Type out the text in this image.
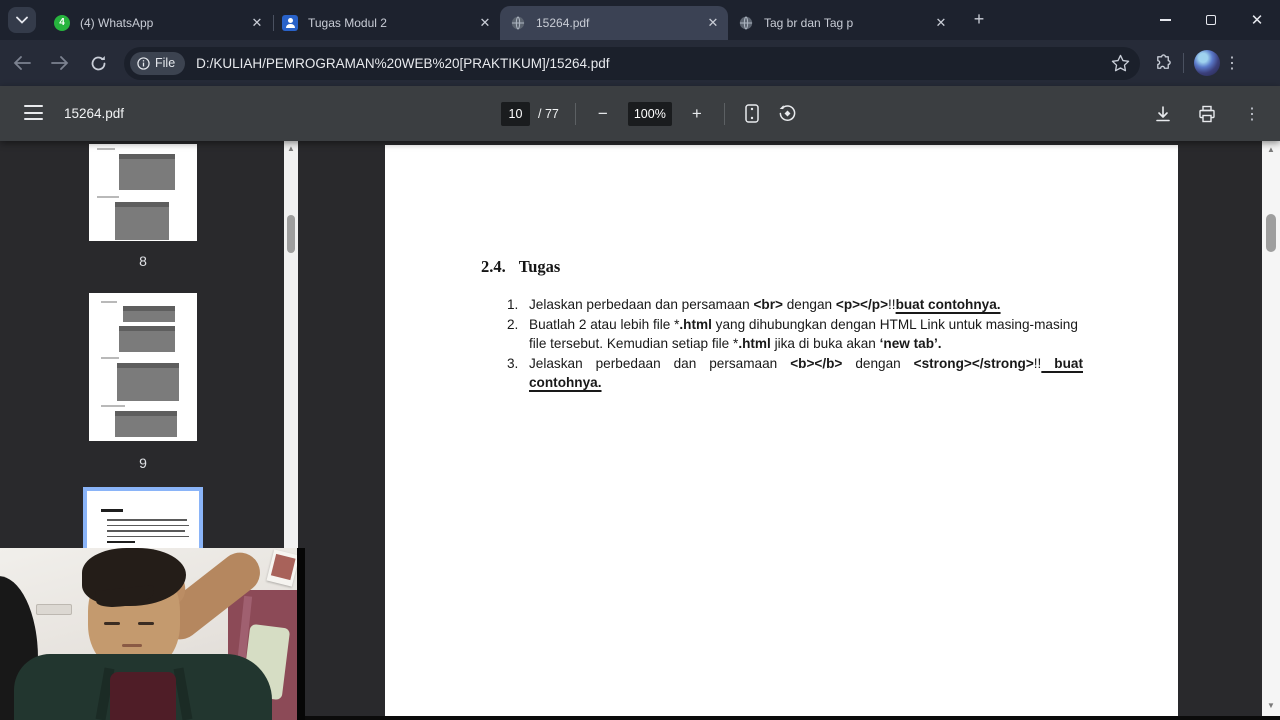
4	(4) WhatsApp	✕	Tugas Modul 2	✕	15264.pdf	✕	Tag br dan Tag p	✕	+	✕
File D:/KULIAH/PEMROGRAMAN%20WEB%20[PRAKTIKUM]/15264.pdf	⋮
15264.pdf	10	/ 77	−	100%	+	⋮
8
9
▲
2.4. Tugas
1. Jelaskan perbedaan dan persamaan <br> dengan <p></p>!!buat contohnya.
2. Buatlah 2 atau lebih file *.html yang dihubungkan dengan HTML Link untuk masing-masing file tersebut. Kemudian setiap file *.html jika di buka akan ‘new tab’.
3. Jelaskan perbedaan dan persamaan <b></b> dengan <strong></strong>!! buat contohnya.
▲
▼
